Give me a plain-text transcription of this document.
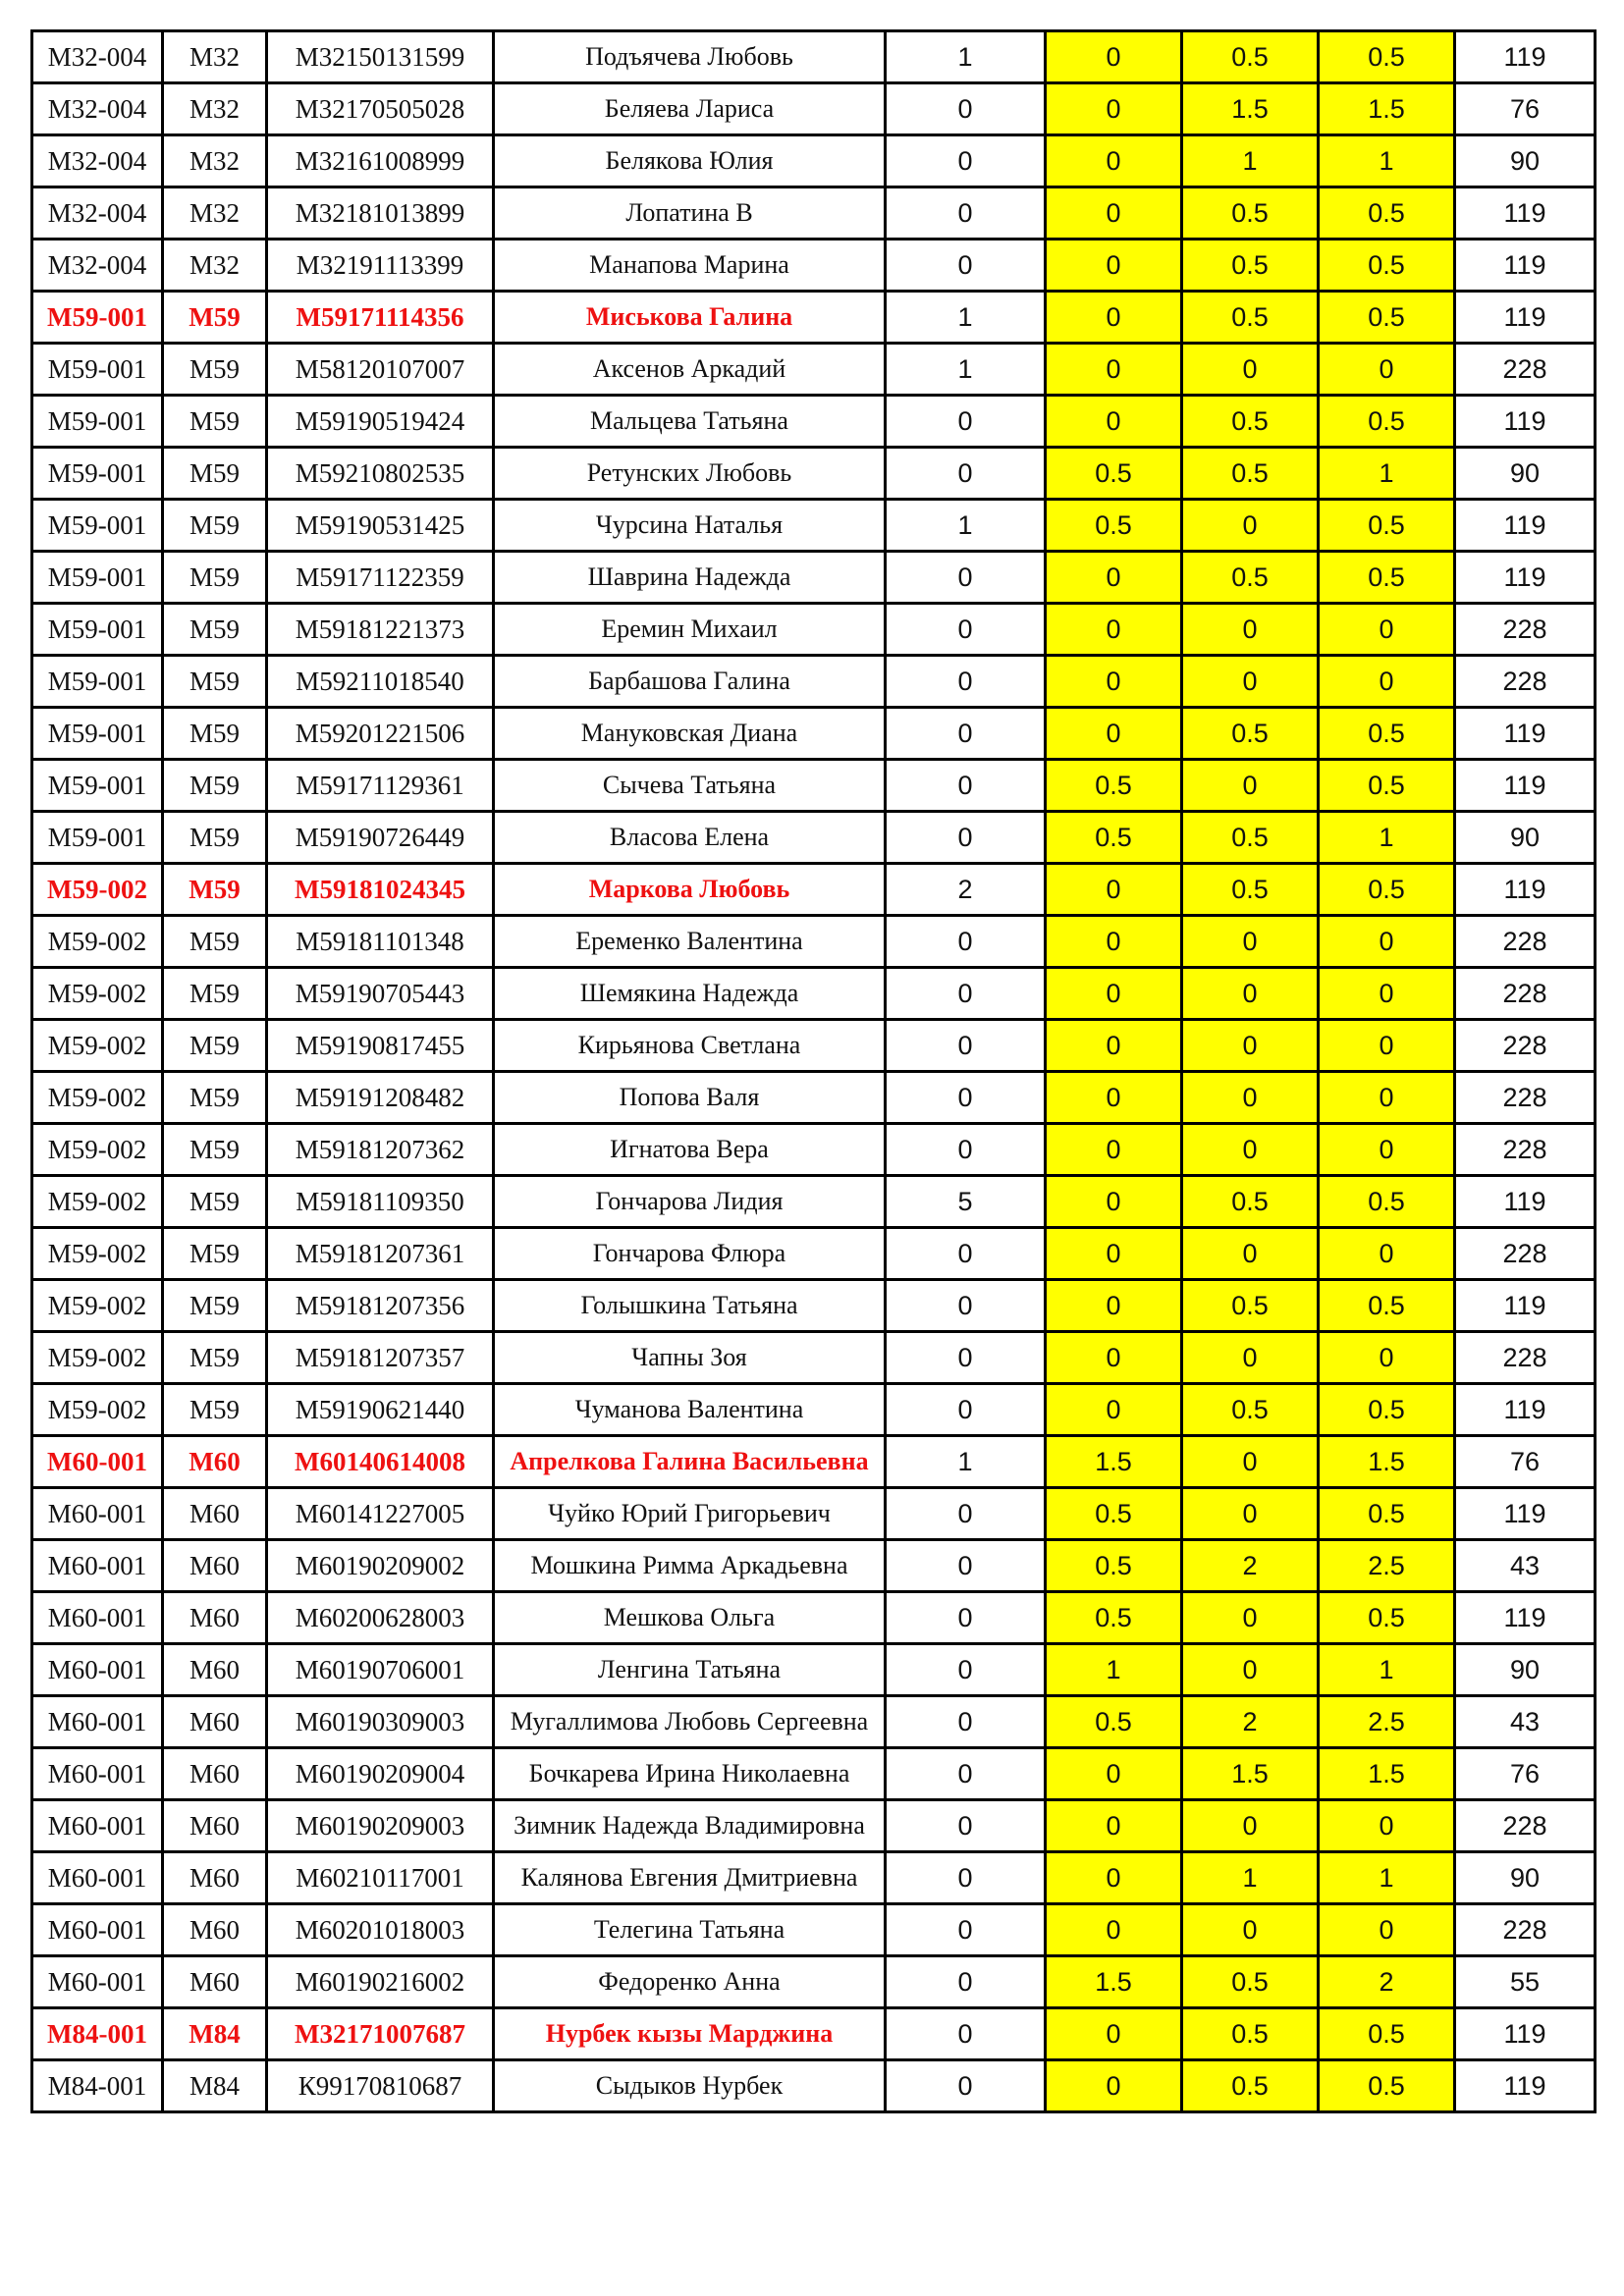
М32-004	М32	М32150131599	Подъячева Любовь	1	0	0.5	0.5	119
М32-004	М32	М32170505028	Беляева Лариса	0	0	1.5	1.5	76
М32-004	М32	М32161008999	Белякова Юлия	0	0	1	1	90
М32-004	М32	М32181013899	Лопатина В	0	0	0.5	0.5	119
М32-004	М32	М32191113399	Манапова Марина	0	0	0.5	0.5	119
М59-001	М59	М59171114356	Миськова Галина	1	0	0.5	0.5	119
М59-001	М59	М58120107007	Аксенов Аркадий	1	0	0	0	228
М59-001	М59	М59190519424	Мальцева Татьяна	0	0	0.5	0.5	119
М59-001	М59	М59210802535	Ретунских Любовь	0	0.5	0.5	1	90
М59-001	М59	М59190531425	Чурсина Наталья	1	0.5	0	0.5	119
М59-001	М59	М59171122359	Шаврина Надежда	0	0	0.5	0.5	119
М59-001	М59	М59181221373	Еремин Михаил	0	0	0	0	228
М59-001	М59	М59211018540	Барбашова Галина	0	0	0	0	228
М59-001	М59	М59201221506	Мануковская Диана	0	0	0.5	0.5	119
М59-001	М59	М59171129361	Сычева Татьяна	0	0.5	0	0.5	119
М59-001	М59	М59190726449	Власова Елена	0	0.5	0.5	1	90
М59-002	М59	М59181024345	Маркова Любовь	2	0	0.5	0.5	119
М59-002	М59	М59181101348	Еременко Валентина	0	0	0	0	228
М59-002	М59	М59190705443	Шемякина Надежда	0	0	0	0	228
М59-002	М59	М59190817455	Кирьянова Светлана	0	0	0	0	228
М59-002	М59	М59191208482	Попова Валя	0	0	0	0	228
М59-002	М59	М59181207362	Игнатова Вера	0	0	0	0	228
М59-002	М59	М59181109350	Гончарова Лидия	5	0	0.5	0.5	119
М59-002	М59	М59181207361	Гончарова Флюра	0	0	0	0	228
М59-002	М59	М59181207356	Голышкина Татьяна	0	0	0.5	0.5	119
М59-002	М59	М59181207357	Чапны Зоя	0	0	0	0	228
М59-002	М59	М59190621440	Чуманова Валентина	0	0	0.5	0.5	119
М60-001	М60	М60140614008	Апрелкова Галина Васильевна	1	1.5	0	1.5	76
М60-001	М60	М60141227005	Чуйко Юрий Григорьевич	0	0.5	0	0.5	119
М60-001	М60	М60190209002	Мошкина Римма Аркадьевна	0	0.5	2	2.5	43
М60-001	М60	М60200628003	Мешкова Ольга	0	0.5	0	0.5	119
М60-001	М60	М60190706001	Ленгина Татьяна	0	1	0	1	90
М60-001	М60	М60190309003	Мугаллимова Любовь Сергеевна	0	0.5	2	2.5	43
М60-001	М60	М60190209004	Бочкарева Ирина Николаевна	0	0	1.5	1.5	76
М60-001	М60	М60190209003	Зимник Надежда Владимировна	0	0	0	0	228
М60-001	М60	М60210117001	Калянова Евгения Дмитриевна	0	0	1	1	90
М60-001	М60	М60201018003	Телегина Татьяна	0	0	0	0	228
М60-001	М60	М60190216002	Федоренко Анна	0	1.5	0.5	2	55
М84-001	М84	М32171007687	Нурбек кызы Марджина	0	0	0.5	0.5	119
М84-001	М84	К99170810687	Сыдыков Нурбек	0	0	0.5	0.5	119
